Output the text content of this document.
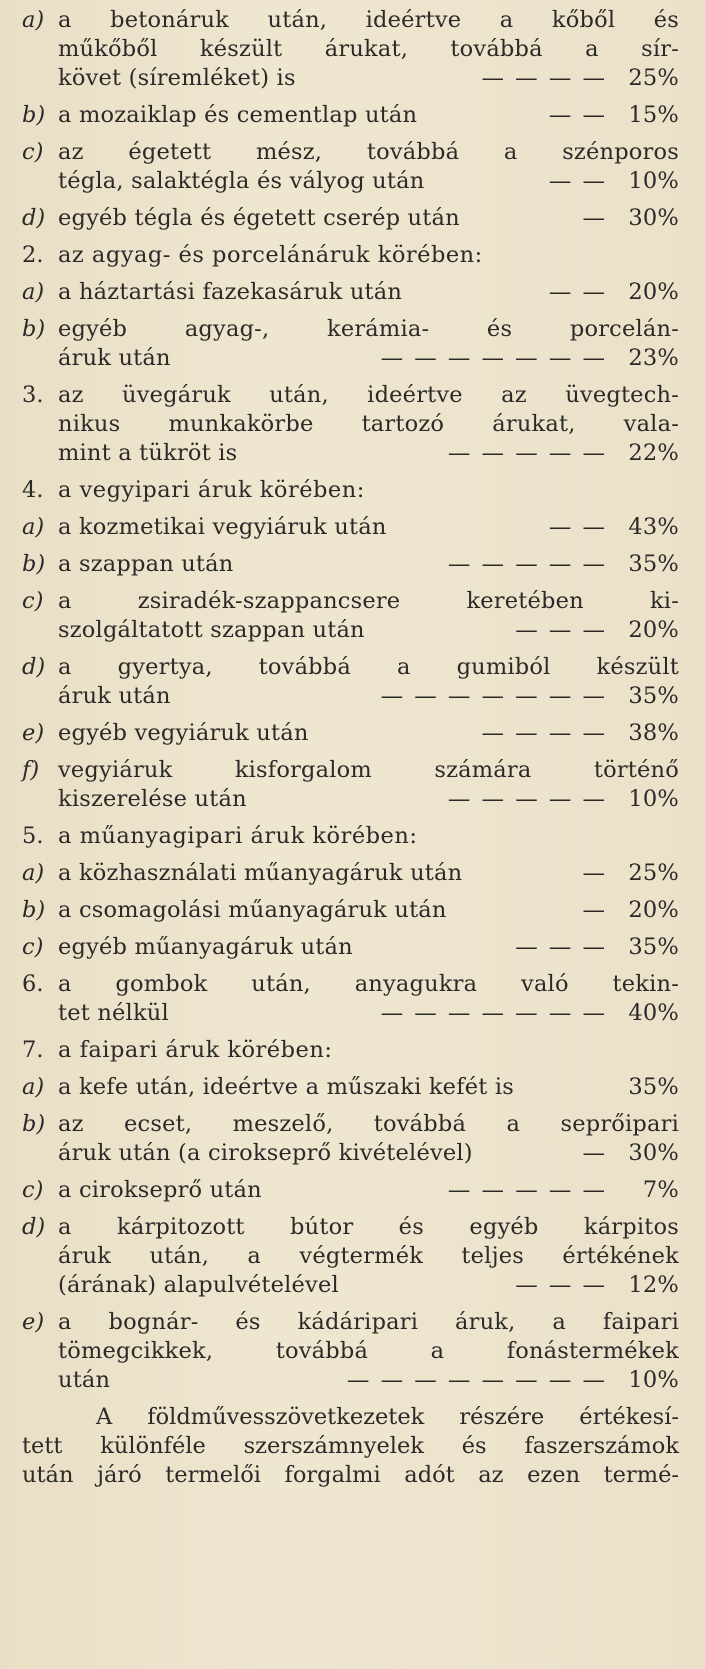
a) a betonáruk után, ideértve a kőből és
műkőből készült árukat, továbbá a sír-
követ (síremléket) is	— — — — 25%
b) a mozaiklap és cementlap után	— — 15%
c) az égetett mész, továbbá a szénporos
tégla, salaktégla és vályog után	— — 10%
d) egyéb tégla és égetett cserép után	— 30%
2. az agyag- és porcelánáruk körében:
a) a háztartási fazekasáruk után	— — 20%
b) egyéb agyag-, kerámia- és porcelán-
áruk után	— — — — — — — 23%
3. az üvegáruk után, ideértve az üvegtech-
nikus munkakörbe tartozó árukat, vala-
mint a tükröt is	— — — — — 22%
4. a vegyipari áruk körében:
a) a kozmetikai vegyiáruk után	— — 43%
b) a szappan után	— — — — — 35%
c) a zsiradék-szappancsere keretében ki-
szolgáltatott szappan után	— — — 20%
d) a gyertya, továbbá a gumiból készült
áruk után	— — — — — — — 35%
e) egyéb vegyiáruk után	— — — — 38%
f) vegyiáruk kisforgalom számára történő
kiszerelése után	— — — — — 10%
5. a műanyagipari áruk körében:
a) a közhasználati műanyagáruk után	— 25%
b) a csomagolási műanyagáruk után	— 20%
c) egyéb műanyagáruk után	— — — 35%
6. a gombok után, anyagukra való tekin-
tet nélkül	— — — — — — — 40%
7. a faipari áruk körében:
a) a kefe után, ideértve a műszaki kefét is	35%
b) az ecset, meszelő, továbbá a seprőipari
áruk után (a cirokseprő kivételével)	— 30%
c) a cirokseprő után	— — — — —	7%
d) a kárpitozott bútor és egyéb kárpitos
áruk után, a végtermék teljes értékének
(árának) alapulvételével	— — — 12%
e) a bognár- és kádáripari áruk, a faipari
tömegcikkek, továbbá a fonástermékek
után	— — — — — — — — 10%
A földművesszövetkezetek részére értékesí-
tett különféle szerszámnyelek és faszerszámok
után járó termelői forgalmi adót az ezen termé-
